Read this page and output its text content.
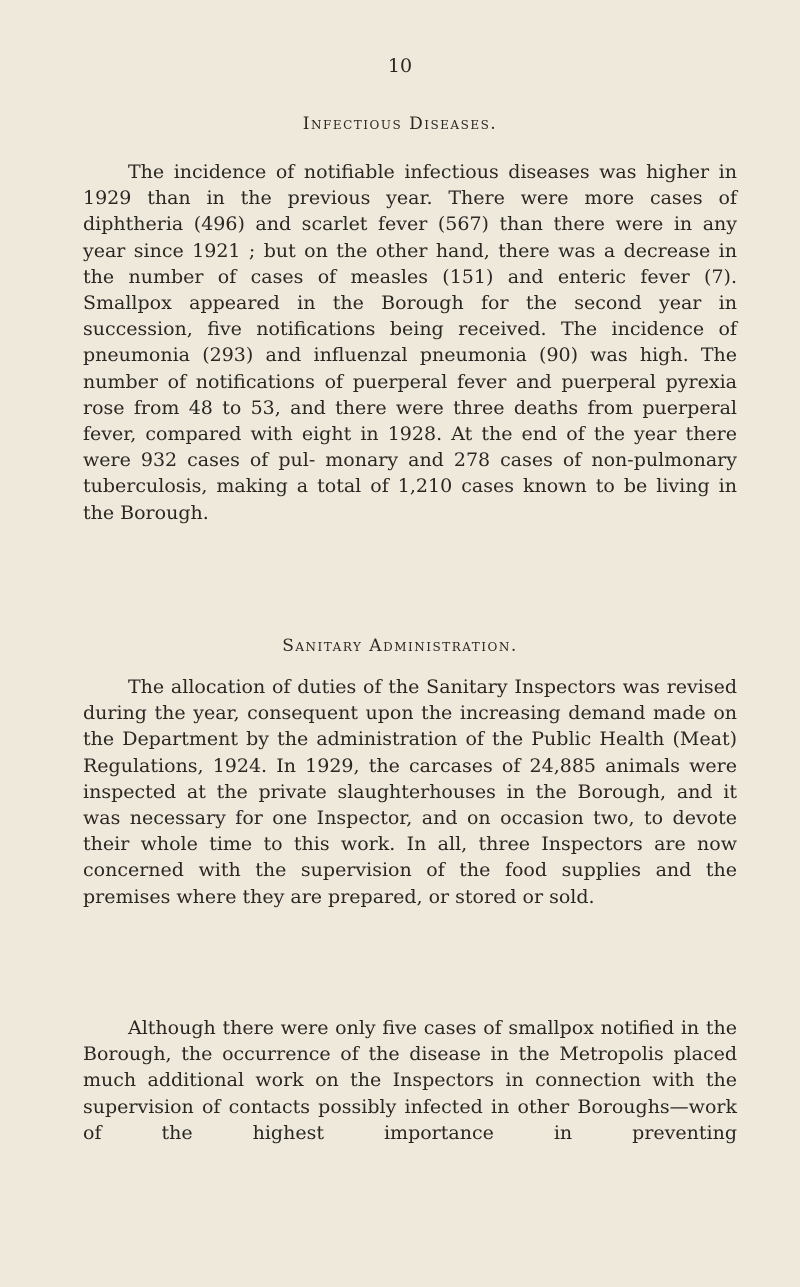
10
Infectious Diseases.

The incidence of notifiable infectious diseases was higher in 1929 than in the previous year. There were more cases of diphtheria (496) and scarlet fever (567) than there were in any year since 1921 ; but on the other hand, there was a decrease in the number of cases of measles (151) and enteric fever (7). Smallpox appeared in the Borough for the second year in succession, five notifications being received. The incidence of pneumonia (293) and influenzal pneumonia (90) was high. The number of notifications of puerperal fever and puerperal pyrexia rose from 48 to 53, and there were three deaths from puerperal fever, compared with eight in 1928. At the end of the year there were 932 cases of pul- monary and 278 cases of non-pulmonary tuberculosis, making a total of 1,210 cases known to be living in the Borough.

Sanitary Administration.

The allocation of duties of the Sanitary Inspectors was revised during the year, consequent upon the increasing demand made on the Department by the administration of the Public Health (Meat) Regulations, 1924. In 1929, the carcases of 24,885 animals were inspected at the private slaughterhouses in the Borough, and it was necessary for one Inspector, and on occasion two, to devote their whole time to this work. In all, three Inspectors are now concerned with the supervision of the food supplies and the premises where they are prepared, or stored or sold.

Although there were only five cases of smallpox notified in the Borough, the occurrence of the disease in the Metropolis placed much additional work on the Inspectors in connection with the supervision of contacts possibly infected in other Boroughs—work of the highest importance in preventing
